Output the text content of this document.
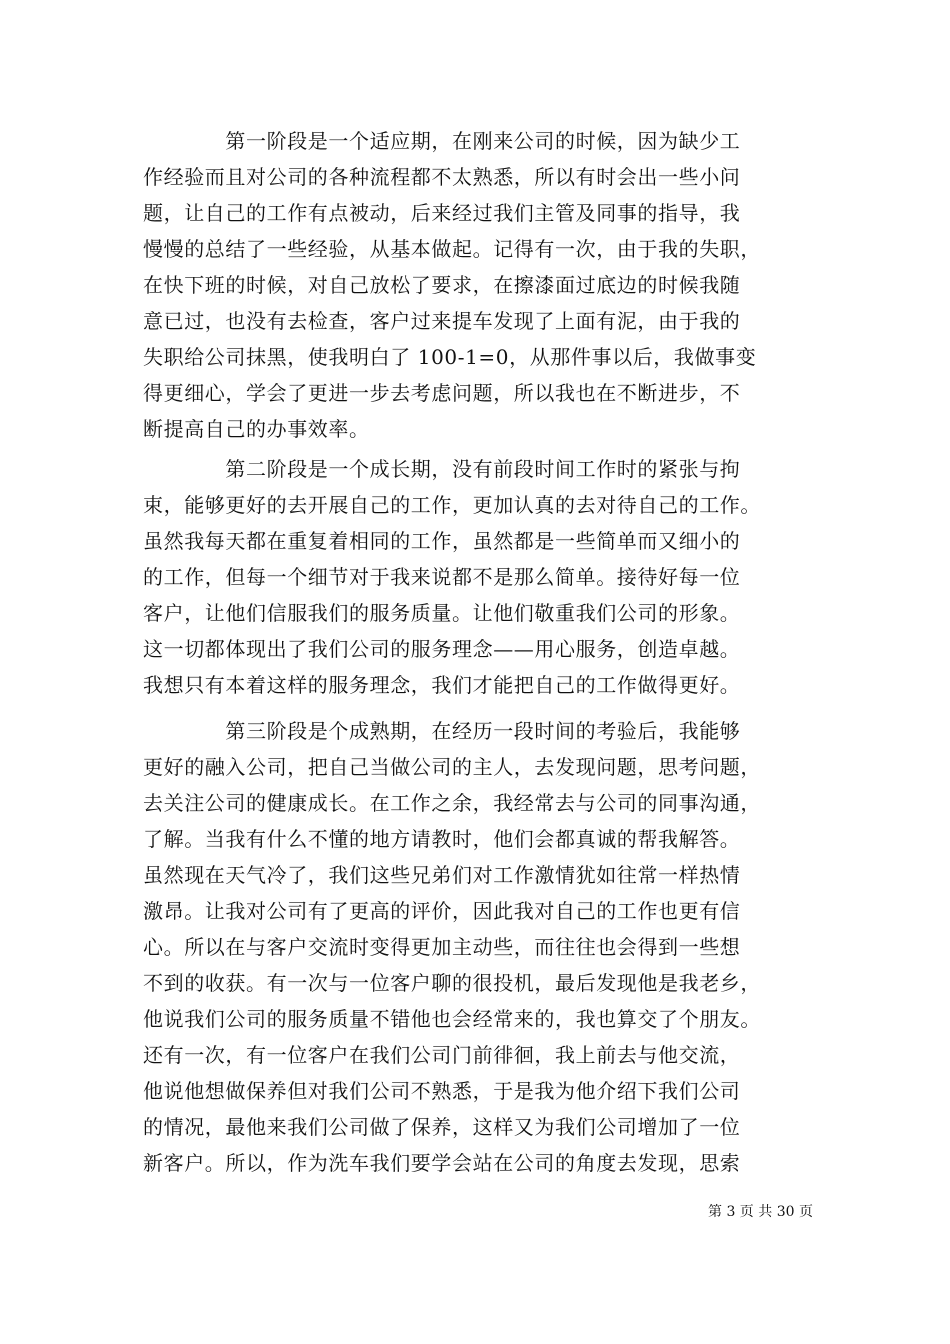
　　　　第一阶段是一个适应期，在刚来公司的时候，因为缺少工
作经验而且对公司的各种流程都不太熟悉，所以有时会出一些小问
题，让自己的工作有点被动，后来经过我们主管及同事的指导，我
慢慢的总结了一些经验，从基本做起。记得有一次，由于我的失职，
在快下班的时候，对自己放松了要求，在擦漆面过底边的时候我随
意已过，也没有去检查，客户过来提车发现了上面有泥，由于我的
失职给公司抹黑，使我明白了 100-1=0，从那件事以后，我做事变
得更细心，学会了更进一步去考虑问题，所以我也在不断进步，不
断提高自己的办事效率。
　　　　第二阶段是一个成长期，没有前段时间工作时的紧张与拘
束，能够更好的去开展自己的工作，更加认真的去对待自己的工作。
虽然我每天都在重复着相同的工作，虽然都是一些简单而又细小的
的工作，但每一个细节对于我来说都不是那么简单。接待好每一位
客户，让他们信服我们的服务质量。让他们敬重我们公司的形象。
这一切都体现出了我们公司的服务理念——用心服务，创造卓越。
我想只有本着这样的服务理念，我们才能把自己的工作做得更好。
　　　　第三阶段是个成熟期，在经历一段时间的考验后，我能够
更好的融入公司，把自己当做公司的主人，去发现问题，思考问题，
去关注公司的健康成长。在工作之余，我经常去与公司的同事沟通，
了解。当我有什么不懂的地方请教时，他们会都真诚的帮我解答。
虽然现在天气冷了，我们这些兄弟们对工作激情犹如往常一样热情
激昂。让我对公司有了更高的评价，因此我对自己的工作也更有信
心。所以在与客户交流时变得更加主动些，而往往也会得到一些想
不到的收获。有一次与一位客户聊的很投机，最后发现他是我老乡，
他说我们公司的服务质量不错他也会经常来的，我也算交了个朋友。
还有一次，有一位客户在我们公司门前徘徊，我上前去与他交流，
他说他想做保养但对我们公司不熟悉，于是我为他介绍下我们公司
的情况，最他来我们公司做了保养，这样又为我们公司增加了一位
新客户。所以，作为洗车我们要学会站在公司的角度去发现，思索
第 3 页 共 30 页
